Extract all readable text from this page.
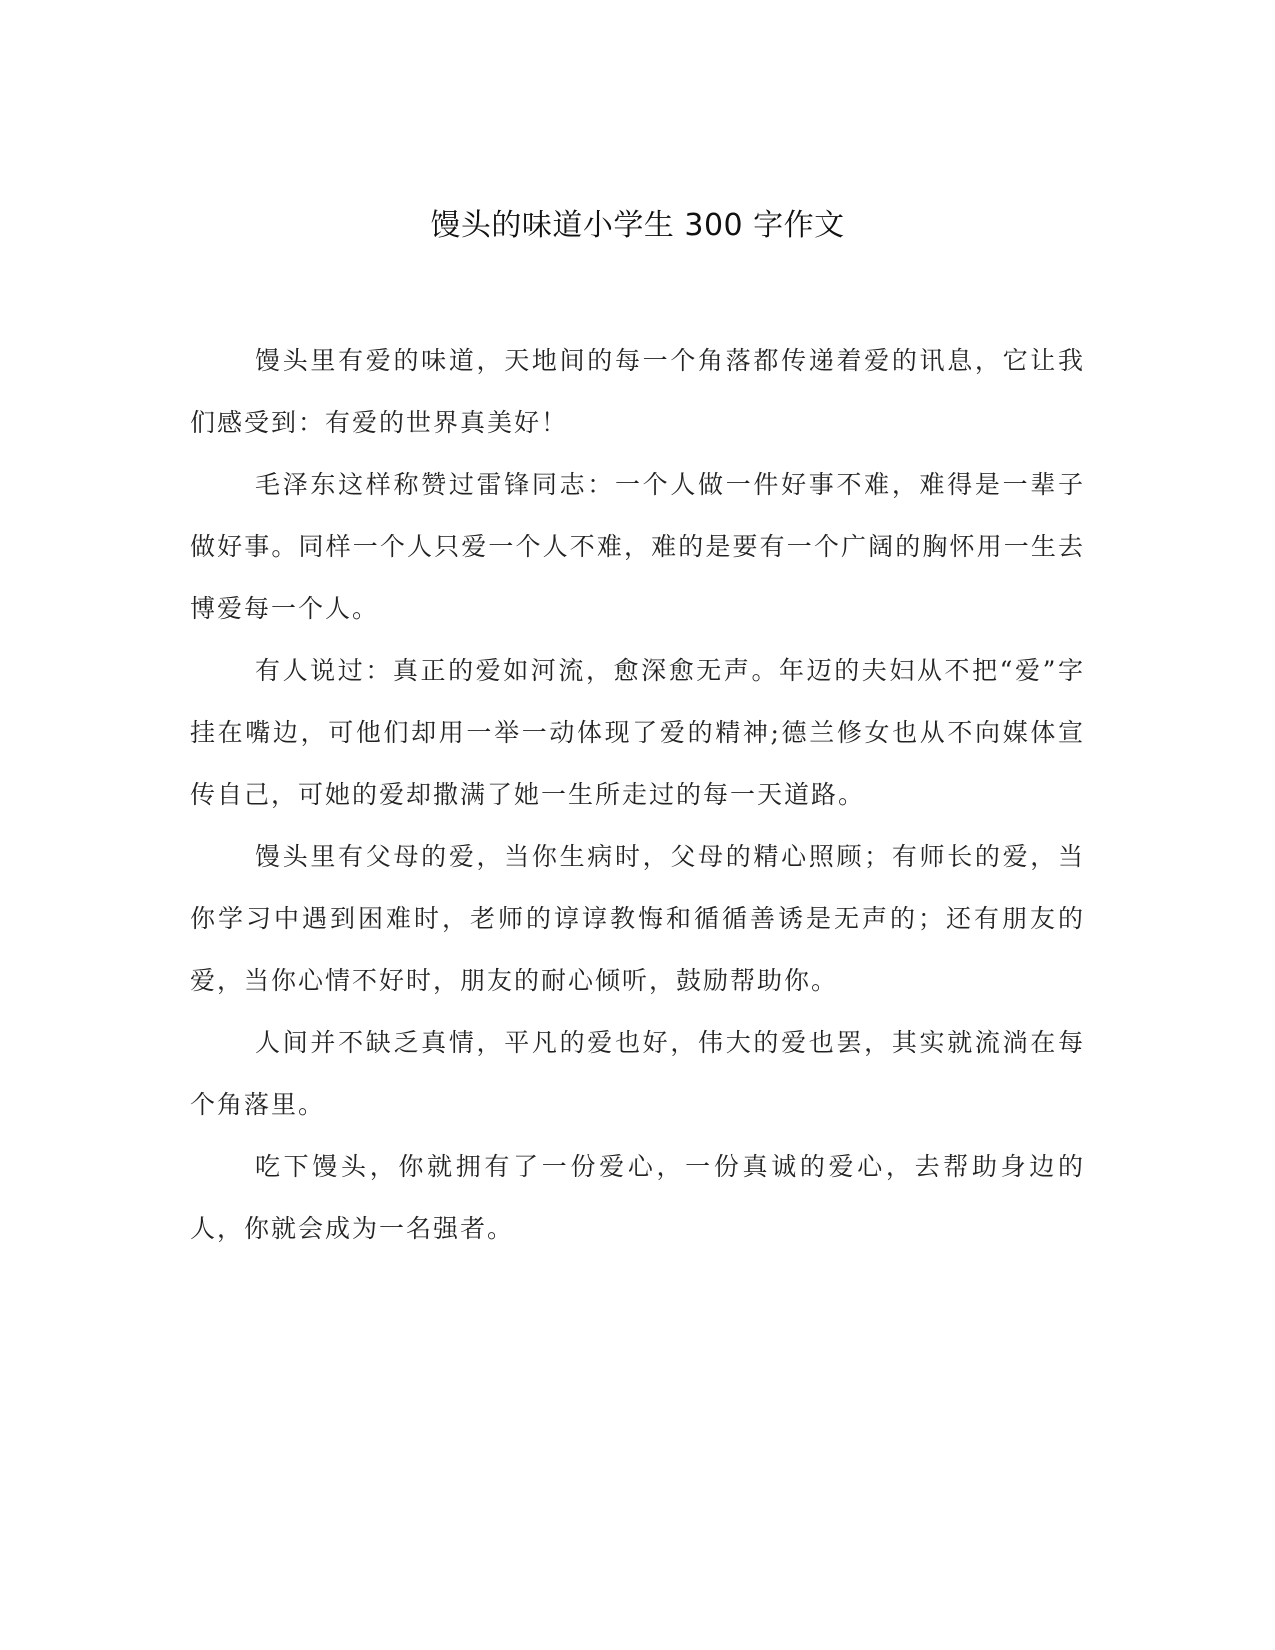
馒头的味道小学生 300 字作文

馒头里有爱的味道，天地间的每一个角落都传递着爱的讯息，它让我们感受到：有爱的世界真美好！

毛泽东这样称赞过雷锋同志：一个人做一件好事不难，难得是一辈子做好事。同样一个人只爱一个人不难，难的是要有一个广阔的胸怀用一生去博爱每一个人。

有人说过：真正的爱如河流，愈深愈无声。年迈的夫妇从不把“爱”字挂在嘴边，可他们却用一举一动体现了爱的精神;德兰修女也从不向媒体宣传自己，可她的爱却撒满了她一生所走过的每一天道路。

馒头里有父母的爱，当你生病时，父母的精心照顾；有师长的爱，当你学习中遇到困难时，老师的谆谆教悔和循循善诱是无声的；还有朋友的爱，当你心情不好时，朋友的耐心倾听，鼓励帮助你。

人间并不缺乏真情，平凡的爱也好，伟大的爱也罢，其实就流淌在每个角落里。

吃下馒头，你就拥有了一份爱心，一份真诚的爱心，去帮助身边的人，你就会成为一名强者。
